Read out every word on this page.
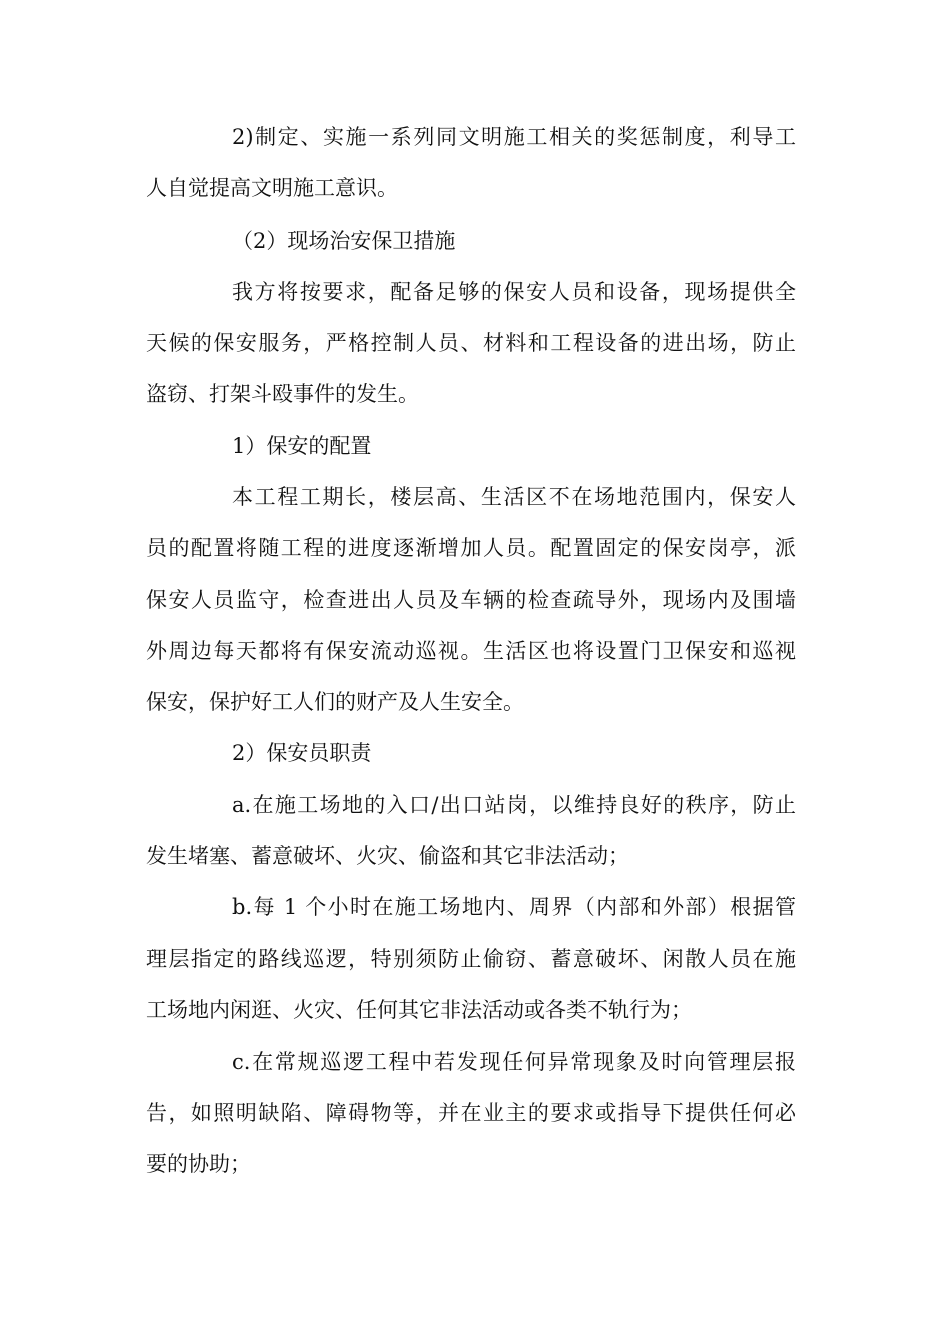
2)制定、实施一系列同文明施工相关的奖惩制度，利导工
人自觉提高文明施工意识。
（2）现场治安保卫措施
我方将按要求，配备足够的保安人员和设备，现场提供全
天候的保安服务，严格控制人员、材料和工程设备的进出场，防止
盗窃、打架斗殴事件的发生。
1）保安的配置
本工程工期长，楼层高、生活区不在场地范围内，保安人
员的配置将随工程的进度逐渐增加人员。配置固定的保安岗亭，派
保安人员监守，检查进出人员及车辆的检查疏导外，现场内及围墙
外周边每天都将有保安流动巡视。生活区也将设置门卫保安和巡视
保安，保护好工人们的财产及人生安全。
2）保安员职责
a.在施工场地的入口/出口站岗，以维持良好的秩序，防止
发生堵塞、蓄意破坏、火灾、偷盗和其它非法活动；
b.每 1 个小时在施工场地内、周界（内部和外部）根据管
理层指定的路线巡逻，特别须防止偷窃、蓄意破坏、闲散人员在施
工场地内闲逛、火灾、任何其它非法活动或各类不轨行为；
c.在常规巡逻工程中若发现任何异常现象及时向管理层报
告，如照明缺陷、障碍物等，并在业主的要求或指导下提供任何必
要的协助；
